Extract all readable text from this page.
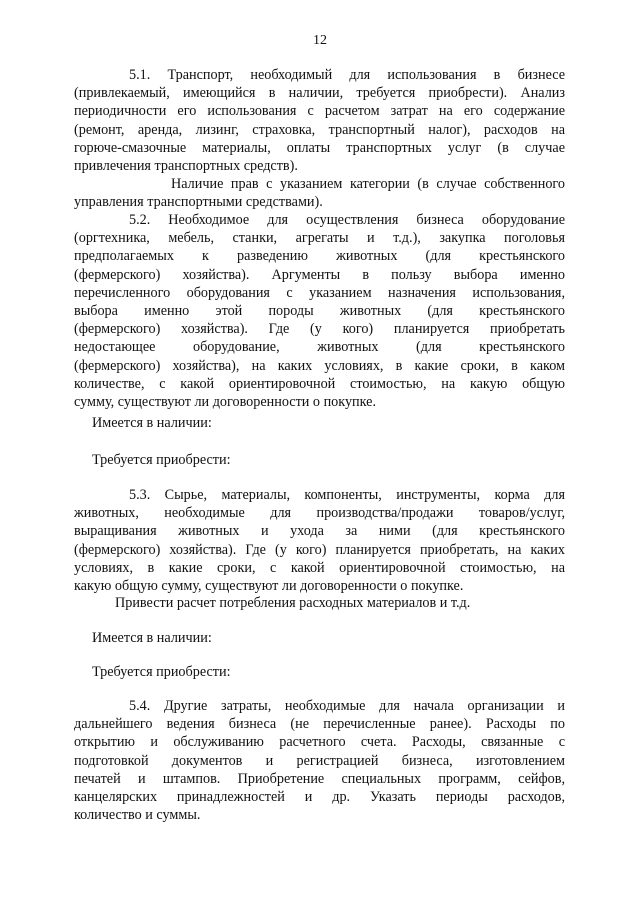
12
5.1. Транспорт, необходимый для использования в бизнесе
(привлекаемый, имеющийся в наличии, требуется приобрести). Анализ
периодичности его использования с расчетом затрат на его содержание
(ремонт, аренда, лизинг, страховка, транспортный налог), расходов на
горюче-смазочные материалы, оплаты транспортных услуг (в случае
привлечения транспортных средств).
Наличие прав с указанием категории (в случае собственного
управления транспортными средствами).
5.2. Необходимое для осуществления бизнеса оборудование
(оргтехника, мебель, станки, агрегаты и т.д.), закупка поголовья
предполагаемых к разведению животных (для крестьянского
(фермерского) хозяйства). Аргументы в пользу выбора именно
перечисленного оборудования с указанием назначения использования,
выбора именно этой породы животных (для крестьянского
(фермерского) хозяйства). Где (у кого) планируется приобретать
недостающее оборудование, животных (для крестьянского
(фермерского) хозяйства), на каких условиях, в какие сроки, в каком
количестве, с какой ориентировочной стоимостью, на какую общую
сумму, существуют ли договоренности о покупке.
Имеется в наличии:
Требуется приобрести:
5.3. Сырье, материалы, компоненты, инструменты, корма для
животных, необходимые для производства/продажи товаров/услуг,
выращивания животных и ухода за ними (для крестьянского
(фермерского) хозяйства). Где (у кого) планируется приобретать, на каких
условиях, в какие сроки, с какой ориентировочной стоимостью, на
какую общую сумму, существуют ли договоренности о покупке.
Привести расчет потребления расходных материалов и т.д.
Имеется в наличии:
Требуется приобрести:
5.4. Другие затраты, необходимые для начала организации и
дальнейшего ведения бизнеса (не перечисленные ранее). Расходы по
открытию и обслуживанию расчетного счета. Расходы, связанные с
подготовкой документов и регистрацией бизнеса, изготовлением
печатей и штампов. Приобретение специальных программ, сейфов,
канцелярских принадлежностей и др. Указать периоды расходов,
количество и суммы.
